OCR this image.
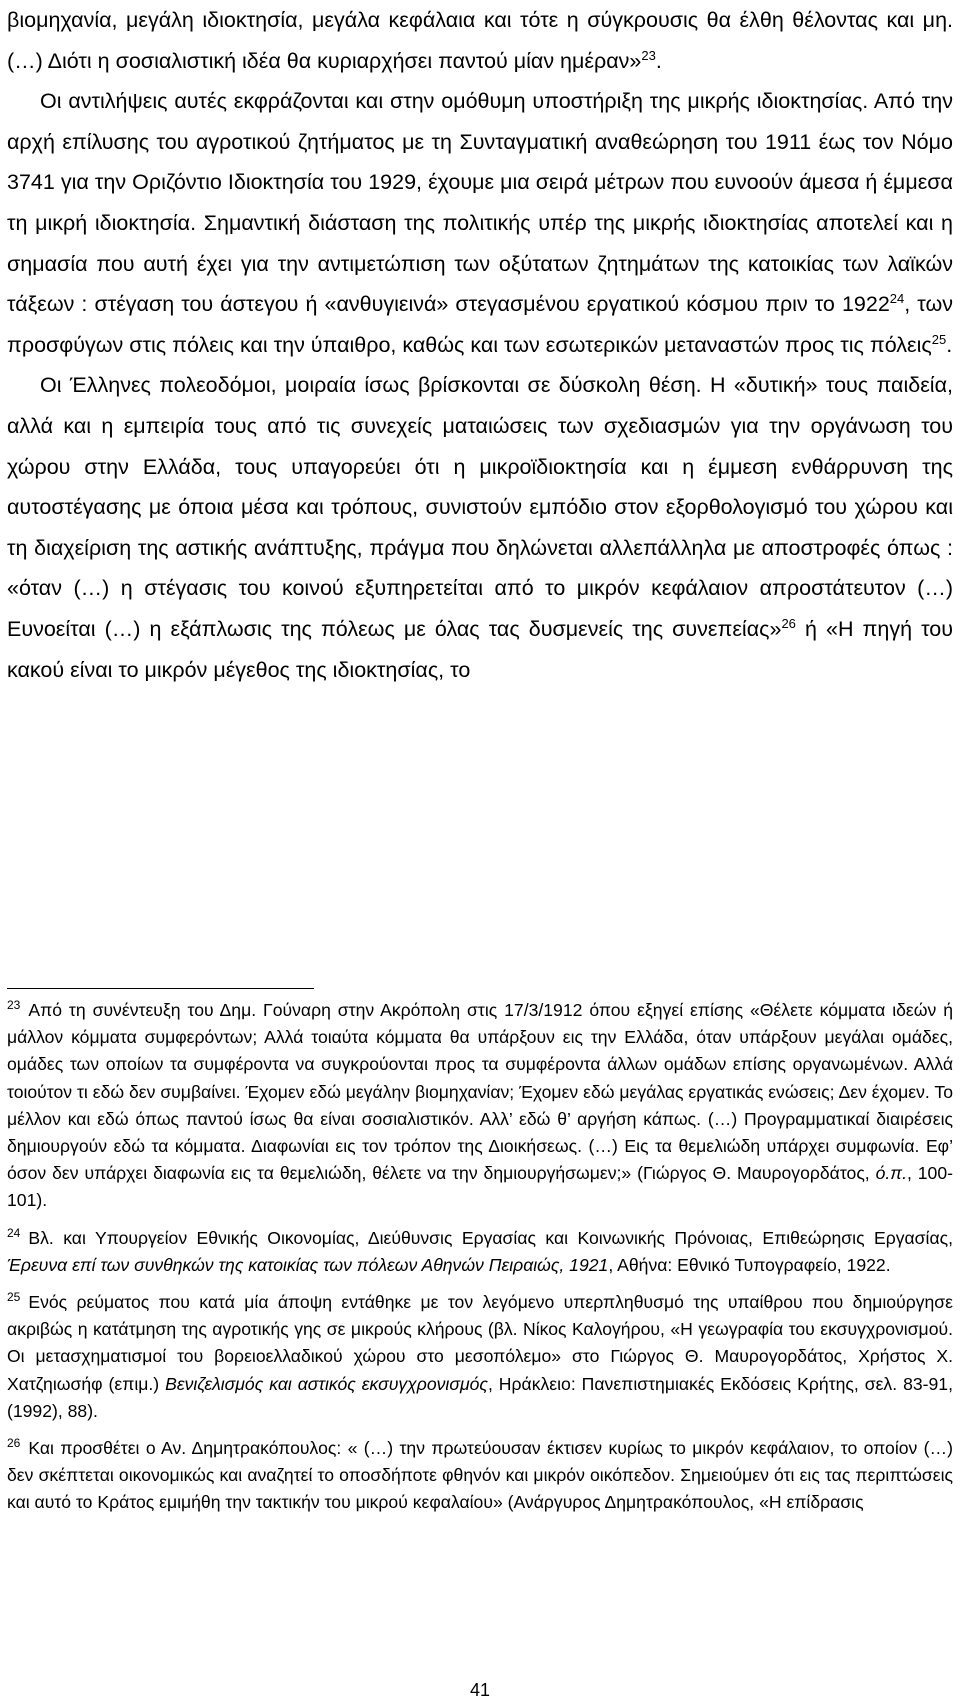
βιομηχανία, μεγάλη ιδιοκτησία, μεγάλα κεφάλαια και τότε η σύγκρουσις θα έλθη θέλοντας και μη. (…) Διότι η σοσιαλιστική ιδέα θα κυριαρχήσει παντού μίαν ημέραν»$^{23}$.

Οι αντιλήψεις αυτές εκφράζονται και στην ομόθυμη υποστήριξη της μικρής ιδιοκτησίας. Από την αρχή επίλυσης του αγροτικού ζητήματος με τη Συνταγματική αναθεώρηση του 1911 έως τον Νόμο 3741 για την Οριζόντιο Ιδιοκτησία του 1929, έχουμε μια σειρά μέτρων που ευνοούν άμεσα ή έμμεσα τη μικρή ιδιοκτησία. Σημαντική διάσταση της πολιτικής υπέρ της μικρής ιδιοκτησίας αποτελεί και η σημασία που αυτή έχει για την αντιμετώπιση των οξύτατων ζητημάτων της κατοικίας των λαϊκών τάξεων : στέγαση του άστεγου ή «ανθυγιεινά» στεγασμένου εργατικού κόσμου πριν το 1922$^{24}$, των προσφύγων στις πόλεις και την ύπαιθρο, καθώς και των εσωτερικών μεταναστών προς τις πόλεις$^{25}$.

Οι Έλληνες πολεοδόμοι, μοιραία ίσως βρίσκονται σε δύσκολη θέση. Η «δυτική» τους παιδεία, αλλά και η εμπειρία τους από τις συνεχείς ματαιώσεις των σχεδιασμών για την οργάνωση του χώρου στην Ελλάδα, τους υπαγορεύει ότι η μικροϊδιοκτησία και η έμμεση ενθάρρυνση της αυτοστέγασης με όποια μέσα και τρόπους, συνιστούν εμπόδιο στον εξορθολογισμό του χώρου και τη διαχείριση της αστικής ανάπτυξης, πράγμα που δηλώνεται αλλεπάλληλα με αποστροφές όπως : «όταν (…) η στέγασις του κοινού εξυπηρετείται από το μικρόν κεφάλαιον απροστάτευτον (…) Ευνοείται (…) η εξάπλωσις της πόλεως με όλας τας δυσμενείς της συνεπείας»$^{26}$ ή «Η πηγή του κακού είναι το μικρόν μέγεθος της ιδιοκτησίας, το

$^{23}$ Από τη συνέντευξη του Δημ. Γούναρη στην Ακρόπολη στις 17/3/1912 όπου εξηγεί επίσης «Θέλετε κόμματα ιδεών ή μάλλον κόμματα συμφερόντων; Αλλά τοιαύτα κόμματα θα υπάρξουν εις την Ελλάδα, όταν υπάρξουν μεγάλαι ομάδες, ομάδες των οποίων τα συμφέροντα να συγκρούονται προς τα συμφέροντα άλλων ομάδων επίσης οργανωμένων. Αλλά τοιούτον τι εδώ δεν συμβαίνει. Έχομεν εδώ μεγάλην βιομηχανίαν; Έχομεν εδώ μεγάλας εργατικάς ενώσεις; Δεν έχομεν. Το μέλλον και εδώ όπως παντού ίσως θα είναι σοσιαλιστικόν. Αλλ’ εδώ θ’ αργήση κάπως. (…) Προγραμματικαί διαιρέσεις δημιουργούν εδώ τα κόμματα. Διαφωνίαι εις τον τρόπον της Διοικήσεως. (…) Εις τα θεμελιώδη υπάρχει συμφωνία. Εφ’ όσον δεν υπάρχει διαφωνία εις τα θεμελιώδη, θέλετε να την δημιουργήσωμεν;» (Γιώργος Θ. Μαυρογορδάτος, ό.π., 100-101).

$^{24}$ Βλ. και Υπουργείον Εθνικής Οικονομίας, Διεύθυνσις Εργασίας και Κοινωνικής Πρόνοιας, Επιθεώρησις Εργασίας, Έρευνα επί των συνθηκών της κατοικίας των πόλεων Αθηνών Πειραιώς, 1921, Αθήνα: Εθνικό Τυπογραφείο, 1922.

$^{25}$ Ενός ρεύματος που κατά μία άποψη εντάθηκε με τον λεγόμενο υπερπληθυσμό της υπαίθρου που δημιούργησε ακριβώς η κατάτμηση της αγροτικής γης σε μικρούς κλήρους (βλ. Νίκος Καλογήρου, «Η γεωγραφία του εκσυγχρονισμού. Οι μετασχηματισμοί του βορειοελλαδικού χώρου στο μεσοπόλεμο» στο Γιώργος Θ. Μαυρογορδάτος, Χρήστος Χ. Χατζηιωσήφ (επιμ.) Βενιζελισμός και αστικός εκσυγχρονισμός, Ηράκλειο: Πανεπιστημιακές Εκδόσεις Κρήτης, σελ. 83-91, (1992), 88).

$^{26}$ Και προσθέτει ο Αν. Δημητρακόπουλος: « (…) την πρωτεύουσαν έκτισεν κυρίως το μικρόν κεφάλαιον, το οποίον (…) δεν σκέπτεται οικονομικώς και αναζητεί το οποσδήποτε φθηνόν και μικρόν οικόπεδον. Σημειούμεν ότι εις τας περιπτώσεις και αυτό το Κράτος εμιμήθη την τακτικήν του μικρού κεφαλαίου» (Ανάργυρος Δημητρακόπουλος, «Η επίδρασις

41
